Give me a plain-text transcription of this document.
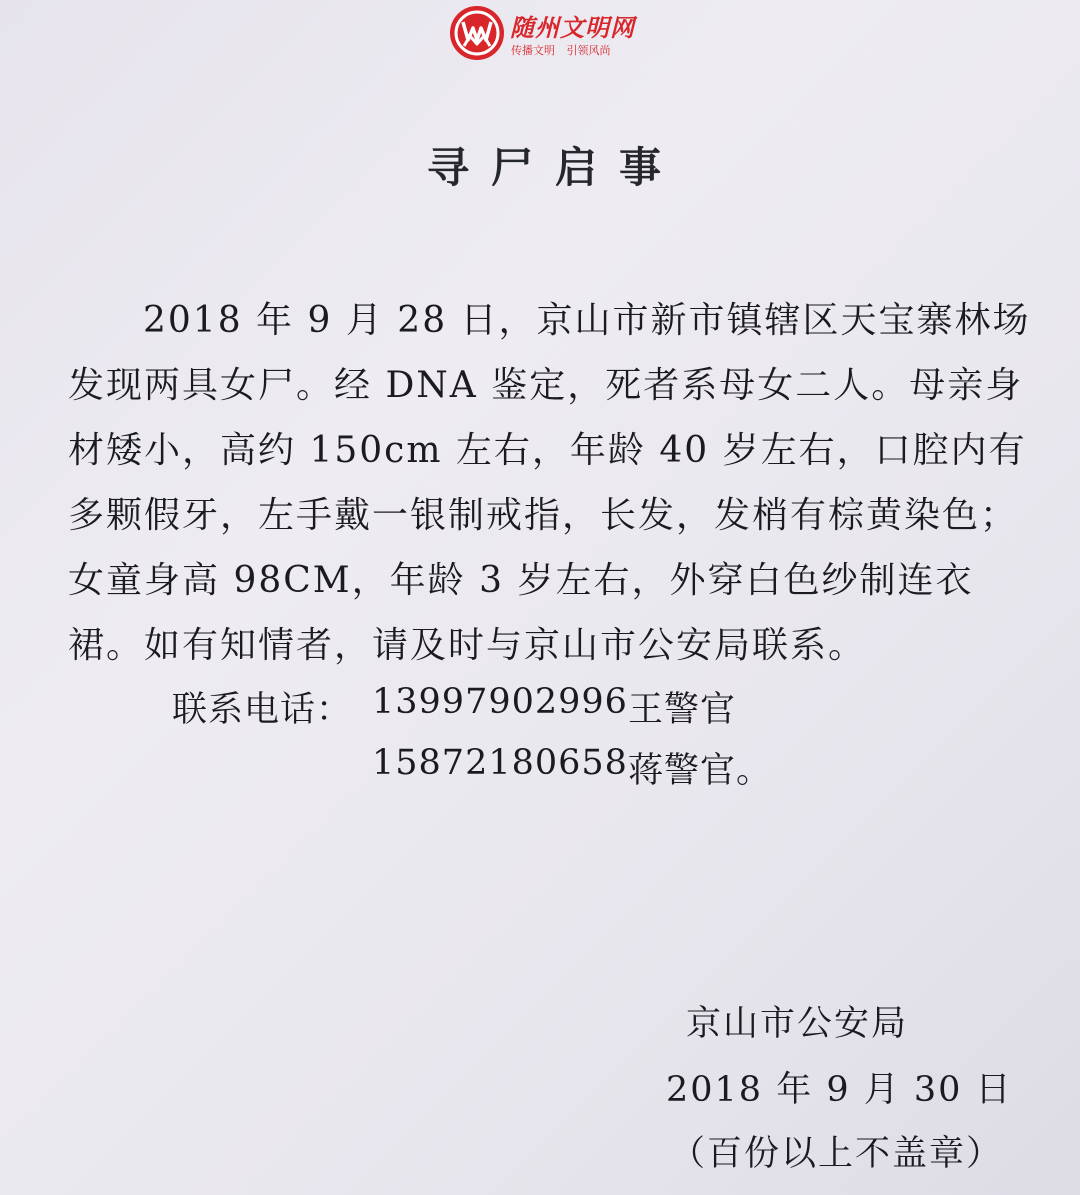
随州文明网
传播文明 引领风尚
寻尸启事

2018 年 9 月 28 日，京山市新市镇辖区天宝寨林场发现两具女尸。经 DNA 鉴定，死者系母女二人。母亲身材矮小，高约 150cm 左右，年龄 40 岁左右，口腔内有多颗假牙，左手戴一银制戒指，长发，发梢有棕黄染色；女童身高 98CM，年龄 3 岁左右，外穿白色纱制连衣裙。如有知情者，请及时与京山市公安局联系。

联系电话： 13997902996 王警官
15872180658 蒋警官。
京山市公安局
2018 年 9 月 30 日
（百份以上不盖章）
